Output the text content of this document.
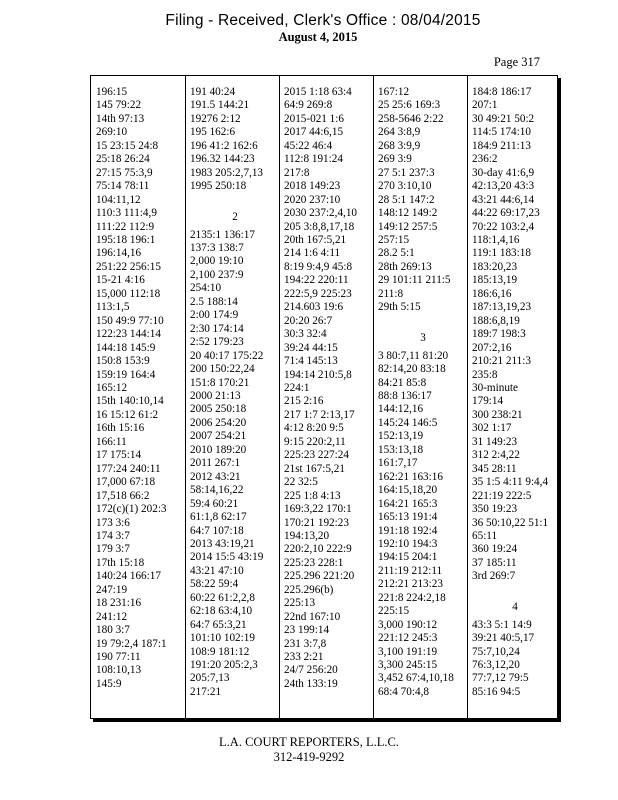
Filing - Received, Clerk's Office : 08/04/2015
August 4, 2015
Page 317
196:15
145 79:22
14th 97:13
269:10
15 23:15 24:8
25:18 26:24
27:15 75:3,9
75:14 78:11
104:11,12
110:3 111:4,9
111:22 112:9
195:18 196:1
196:14,16
251:22 256:15
15-21 4:16
15,000 112:18
113:1,5
150 49:9 77:10
122:23 144:14
144:18 145:9
150:8 153:9
159:19 164:4
165:12
15th 140:10,14
16 15:12 61:2
16th 15:16
166:11
17 175:14
177:24 240:11
17,000 67:18
17,518 66:2
172(c)(1) 202:3
173 3:6
174 3:7
179 3:7
17th 15:18
140:24 166:17
247:19
18 231:16
241:12
180 3:7
19 79:2,4 187:1
190 77:11
108:10,13
145:9
191 40:24
191.5 144:21
19276 2:12
195 162:6
196 41:2 162:6
196.32 144:23
1983 205:2,7,13
1995 250:18

2
2135:1 136:17
137:3 138:7
2,000 19:10
2,100 237:9
254:10
2.5 188:14
2:00 174:9
2:30 174:14
2:52 179:23
20 40:17 175:22
200 150:22,24
151:8 170:21
2000 21:13
2005 250:18
2006 254:20
2007 254:21
2010 189:20
2011 267:1
2012 43:21
58:14,16,22
59:4 60:21
61:1,8 62:17
64:7 107:18
2013 43:19,21
2014 15:5 43:19
43:21 47:10
58:22 59:4
60:22 61:2,2,8
62:18 63:4,10
64:7 65:3,21
101:10 102:19
108:9 181:12
191:20 205:2,3
205:7,13
217:21
2015 1:18 63:4
64:9 269:8
2015-021 1:6
2017 44:6,15
45:22 46:4
112:8 191:24
217:8
2018 149:23
2020 237:10
2030 237:2,4,10
205 3:8,8,17,18
20th 167:5,21
214 1:6 4:11
8:19 9:4,9 45:8
194:22 220:11
222:5,9 225:23
214.603 19:6
20:20 26:7
30:3 32:4
39:24 44:15
71:4 145:13
194:14 210:5,8
224:1
215 2:16
217 1:7 2:13,17
4:12 8:20 9:5
9:15 220:2,11
225:23 227:24
21st 167:5,21
22 32:5
225 1:8 4:13
169:3,22 170:1
170:21 192:23
194:13,20
220:2,10 222:9
225:23 228:1
225.296 221:20
225.296(b)
225:13
22nd 167:10
23 199:14
231 3:7,8
233 2:21
24/7 256:20
24th 133:19
167:12
25 25:6 169:3
258-5646 2:22
264 3:8,9
268 3:9,9
269 3:9
27 5:1 237:3
270 3:10,10
28 5:1 147:2
148:12 149:2
149:12 257:5
257:15
28.2 5:1
28th 269:13
29 101:11 211:5
211:8
29th 5:15

3
3 80:7,11 81:20
82:14,20 83:18
84:21 85:8
88:8 136:17
144:12,16
145:24 146:5
152:13,19
153:13,18
161:7,17
162:21 163:16
164:15,18,20
164:21 165:3
165:13 191:4
191:18 192:4
192:10 194:3
194:15 204:1
211:19 212:11
212:21 213:23
221:8 224:2,18
225:15
3,000 190:12
221:12 245:3
3,100 191:19
3,300 245:15
3,452 67:4,10,18
68:4 70:4,8
184:8 186:17
207:1
30 49:21 50:2
114:5 174:10
184:9 211:13
236:2
30-day 41:6,9
42:13,20 43:3
43:21 44:6,14
44:22 69:17,23
70:22 103:2,4
118:1,4,16
119:1 183:18
183:20,23
185:13,19
186:6,16
187:13,19,23
188:6,8,19
189:7 198:3
207:2,16
210:21 211:3
235:8
30-minute
179:14
300 238:21
302 1:17
31 149:23
312 2:4,22
345 28:11
35 1:5 4:11 9:4,4
221:19 222:5
350 19:23
36 50:10,22 51:1
65:11
360 19:24
37 185:11
3rd 269:7

4
43:3 5:1 14:9
39:21 40:5,17
75:7,10,24
76:3,12,20
77:7,12 79:5
85:16 94:5
L.A. COURT REPORTERS, L.L.C.
312-419-9292
